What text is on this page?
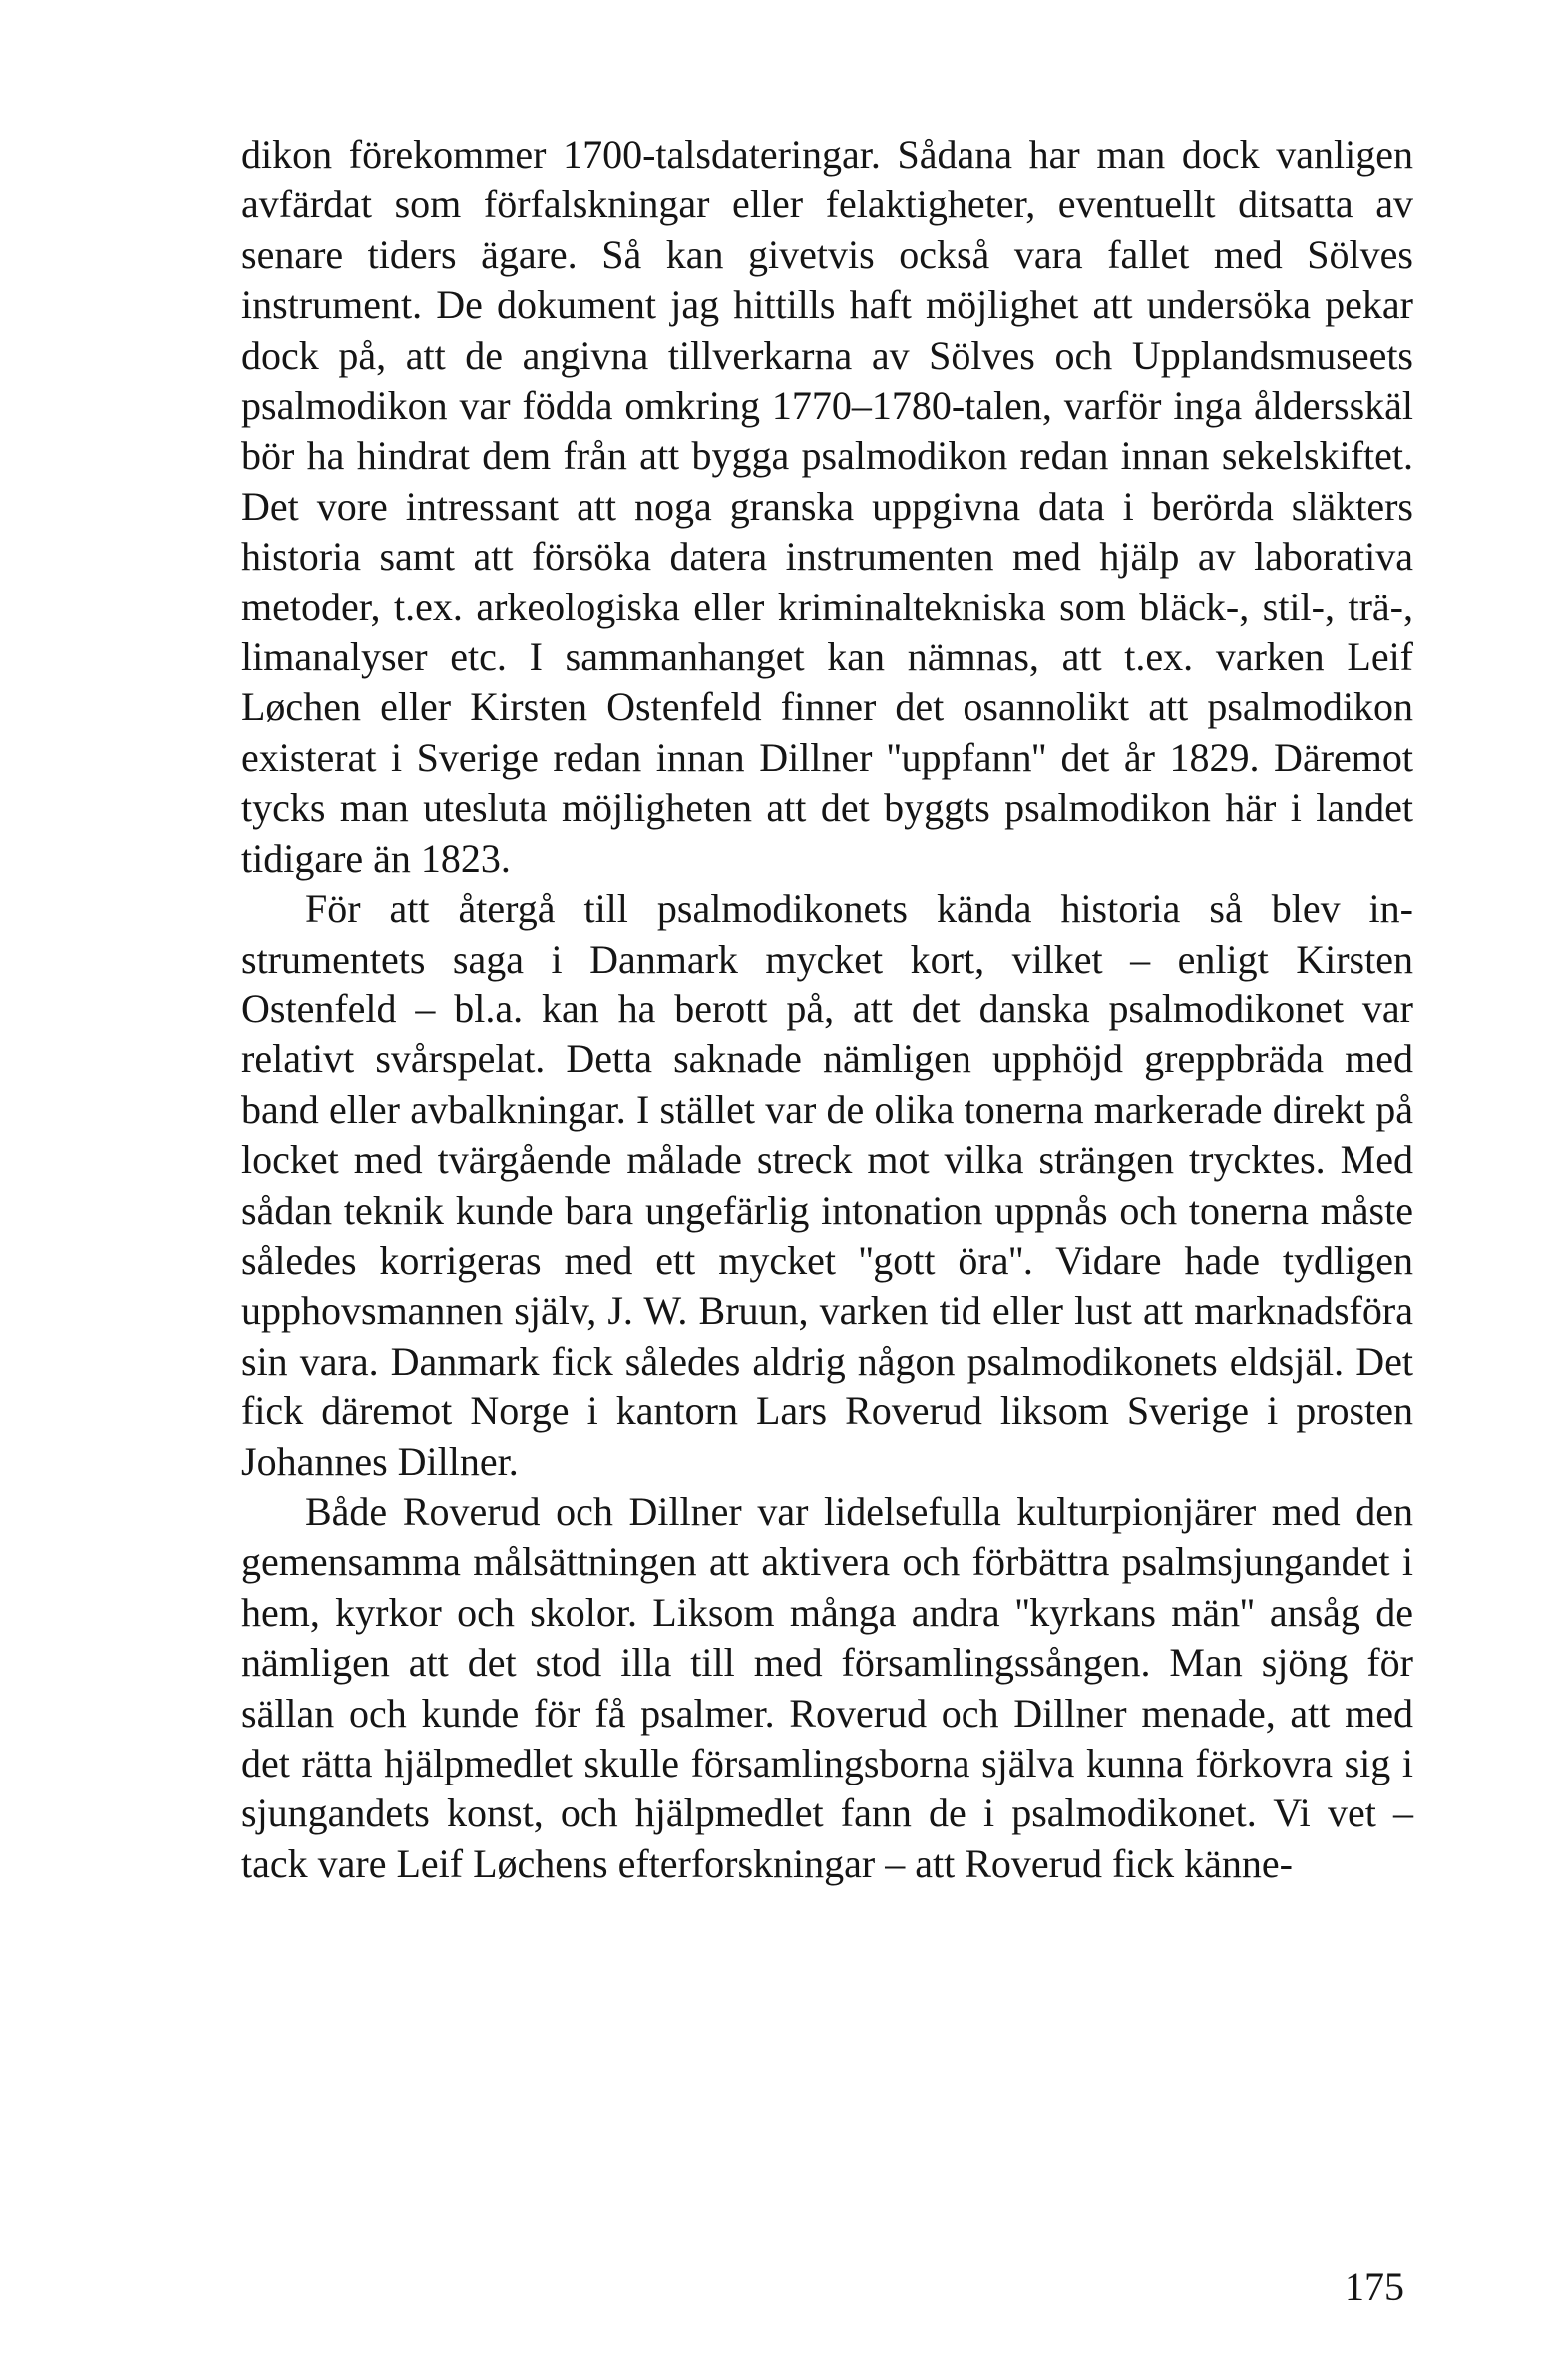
dikon förekommer 1700-talsdateringar. Sådana har man dock vanligen avfärdat som förfalskningar eller felaktigheter, eventuellt ditsatta av senare tiders ägare. Så kan givetvis också vara fallet med Sölves instrument. De dokument jag hittills haft möjlighet att undersöka pekar dock på, att de angivna tillverkarna av Sölves och Upplandsmuseets psalmodikon var födda omkring 1770–1780-talen, varför inga åldersskäl bör ha hindrat dem från att bygga psalmodikon redan innan sekelskiftet. Det vore intressant att noga granska uppgivna data i berörda släkters historia samt att försöka datera instrumenten med hjälp av laborativa metoder, t.ex. arkeologiska eller kriminaltekniska som bläck-, stil-, trä-, limanalyser etc. I sammanhanget kan nämnas, att t.ex. varken Leif Løchen eller Kirsten Ostenfeld finner det osannolikt att psalmodikon existerat i Sverige redan innan Dillner ''uppfann'' det år 1829. Däremot tycks man utesluta möjligheten att det byggts psalmodikon här i landet tidigare än 1823.

För att återgå till psalmodikonets kända historia så blev instrumentets saga i Danmark mycket kort, vilket – enligt Kirsten Ostenfeld – bl.a. kan ha berott på, att det danska psalmodikonet var relativt svårspelat. Detta saknade nämligen upphöjd greppbräda med band eller avbalkningar. I stället var de olika tonerna markerade direkt på locket med tvärgående målade streck mot vilka strängen trycktes. Med sådan teknik kunde bara ungefärlig intonation uppnås och tonerna måste således korrigeras med ett mycket ''gott öra''. Vidare hade tydligen upphovsmannen själv, J. W. Bruun, varken tid eller lust att marknadsföra sin vara. Danmark fick således aldrig någon psalmodikonets eldsjäl. Det fick däremot Norge i kantorn Lars Roverud liksom Sverige i prosten Johannes Dillner.

Både Roverud och Dillner var lidelsefulla kulturpionjärer med den gemensamma målsättningen att aktivera och förbättra psalmsjungandet i hem, kyrkor och skolor. Liksom många andra ''kyrkans män'' ansåg de nämligen att det stod illa till med församlingssången. Man sjöng för sällan och kunde för få psalmer. Roverud och Dillner menade, att med det rätta hjälpmedlet skulle församlingsborna själva kunna förkovra sig i sjungandets konst, och hjälpmedlet fann de i psalmodikonet. Vi vet – tack vare Leif Løchens efterforskningar – att Roverud fick känne-

175
